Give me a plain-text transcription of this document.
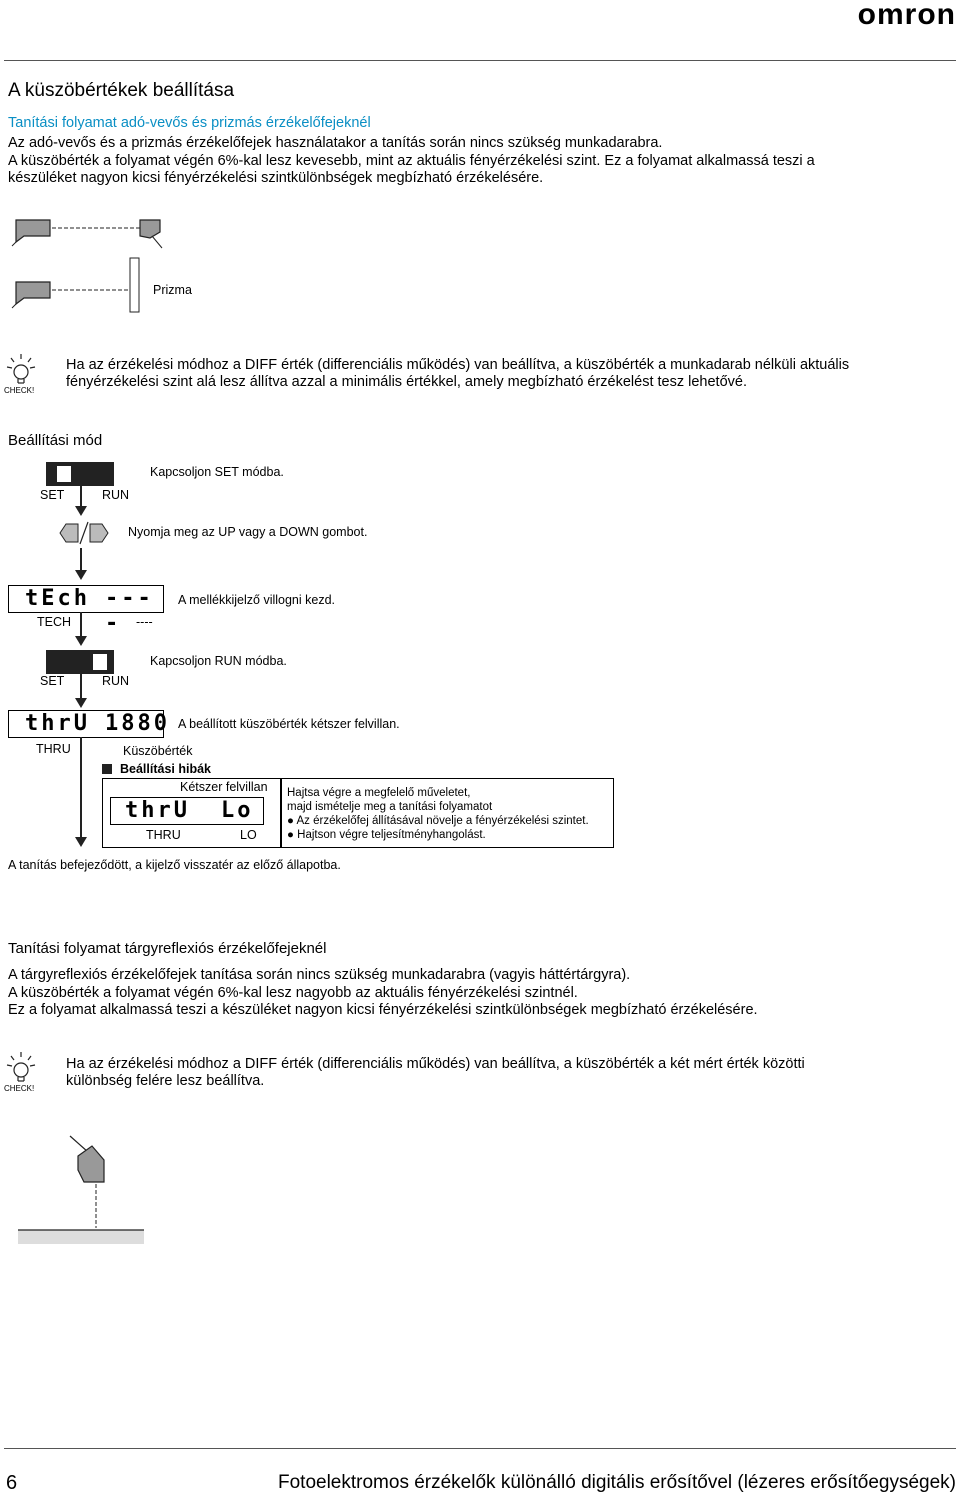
omron
A küszöbértékek beállítása
Tanítási folyamat adó-vevős és prizmás érzékelőfejeknél
Az adó-vevős és a prizmás érzékelőfejek használatakor a tanítás során nincs szükség munkadarabra.
A küszöbérték a folyamat végén 6%-kal lesz kevesebb, mint az aktuális fényérzékelési szint. Ez a folyamat alkalmassá teszi a
készüléket nagyon kicsi fényérzékelési szintkülönbségek megbízható érzékelésére.
Prizma
CHECK!
Ha az érzékelési módhoz a DIFF érték (differenciális működés) van beállítva, a küszöbérték a munkadarab nélküli aktuális
fényérzékelési szint alá lesz állítva azzal a minimális értékkel, amely megbízható érzékelést tesz lehetővé.
Beállítási mód
SET	RUN
Kapcsoljon SET módba.
Nyomja meg az UP vagy a DOWN gombot.
tEch ----
TECH	----
A mellékkijelző villogni kezd.
SET	RUN
Kapcsoljon RUN módba.
thrU 1880
THRU	Küszöbérték
A beállított küszöbérték kétszer felvillan.
Beállítási hibák
Kétszer felvillan
thrU Lo
THRU	LO
Hajtsa végre a megfelelő műveletet,
majd ismételje meg a tanítási folyamatot
● Az érzékelőfej állításával növelje a fényérzékelési szintet.
● Hajtson végre teljesítményhangolást.
A tanítás befejeződött, a kijelző visszatér az előző állapotba.
Tanítási folyamat tárgyreflexiós érzékelőfejeknél
A tárgyreflexiós érzékelőfejek tanítása során nincs szükség munkadarabra (vagyis háttértárgyra).
A küszöbérték a folyamat végén 6%-kal lesz nagyobb az aktuális fényérzékelési szintnél.
Ez a folyamat alkalmassá teszi a készüléket nagyon kicsi fényérzékelési szintkülönbségek megbízható érzékelésére.
CHECK!
Ha az érzékelési módhoz a DIFF érték (differenciális működés) van beállítva, a küszöbérték a két mért érték közötti
különbség felére lesz beállítva.
6	Fotoelektromos érzékelők különálló digitális erősítővel (lézeres erősítőegységek)
